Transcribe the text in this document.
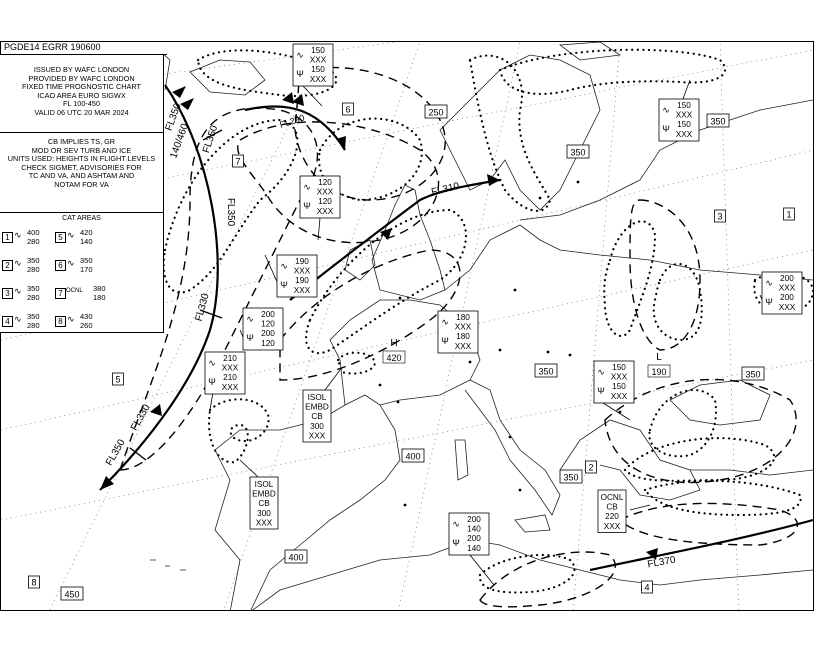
250
350
350
350	350
350
400
400
450
∿
Ψ
150
XXX
150
XXX
∿
Ψ
120
XXX
120
XXX
∿
Ψ
190
XXX
190
XXX
∿
Ψ
200
120
200
120
∿
Ψ
210
XXX
210
XXX
∿
Ψ
180
XXX
180
XXX
∿
Ψ
150
XXX
150
XXX
∿
Ψ
150
XXX
150
XXX
∿
Ψ
200
XXX
200
XXX
∿
Ψ
200
140
200
140
ISOL
EMBD
CB
300
XXX
ISOL
EMBD
CB
300
XXX
OCNL
CB
220
XXX
1
2
3
4
5
6
7
8
FL350
140/460 FL350
FL350
FL330
FL290
FL310
FL350
FL330
FL370
H
420	L
190
PGDE14 EGRR 190600
ISSUED BY WAFC LONDON
PROVIDED BY WAFC LONDON
FIXED TIME PROGNOSTIC CHART
ICAO AREA EURO SIGWX
FL 100-450
VALID 06 UTC 20 MAR 2024
CB IMPLIES TS, GR
MOD OR SEV TURB AND ICE
UNITS USED: HEIGHTS IN FLIGHT LEVELS
CHECK SIGMET, ADVISORIES FOR
TC AND VA, AND ASHTAM AND
NOTAM FOR VA
CAT AREAS
1 ∿ 400
280
2 ∿ 350
280
3 ∿ 350
280
4 ∿ 350
280
5 ∿ 420
140
6 ∿ 350
170
7 OCNL 380
180
8 ∿ 430
260
